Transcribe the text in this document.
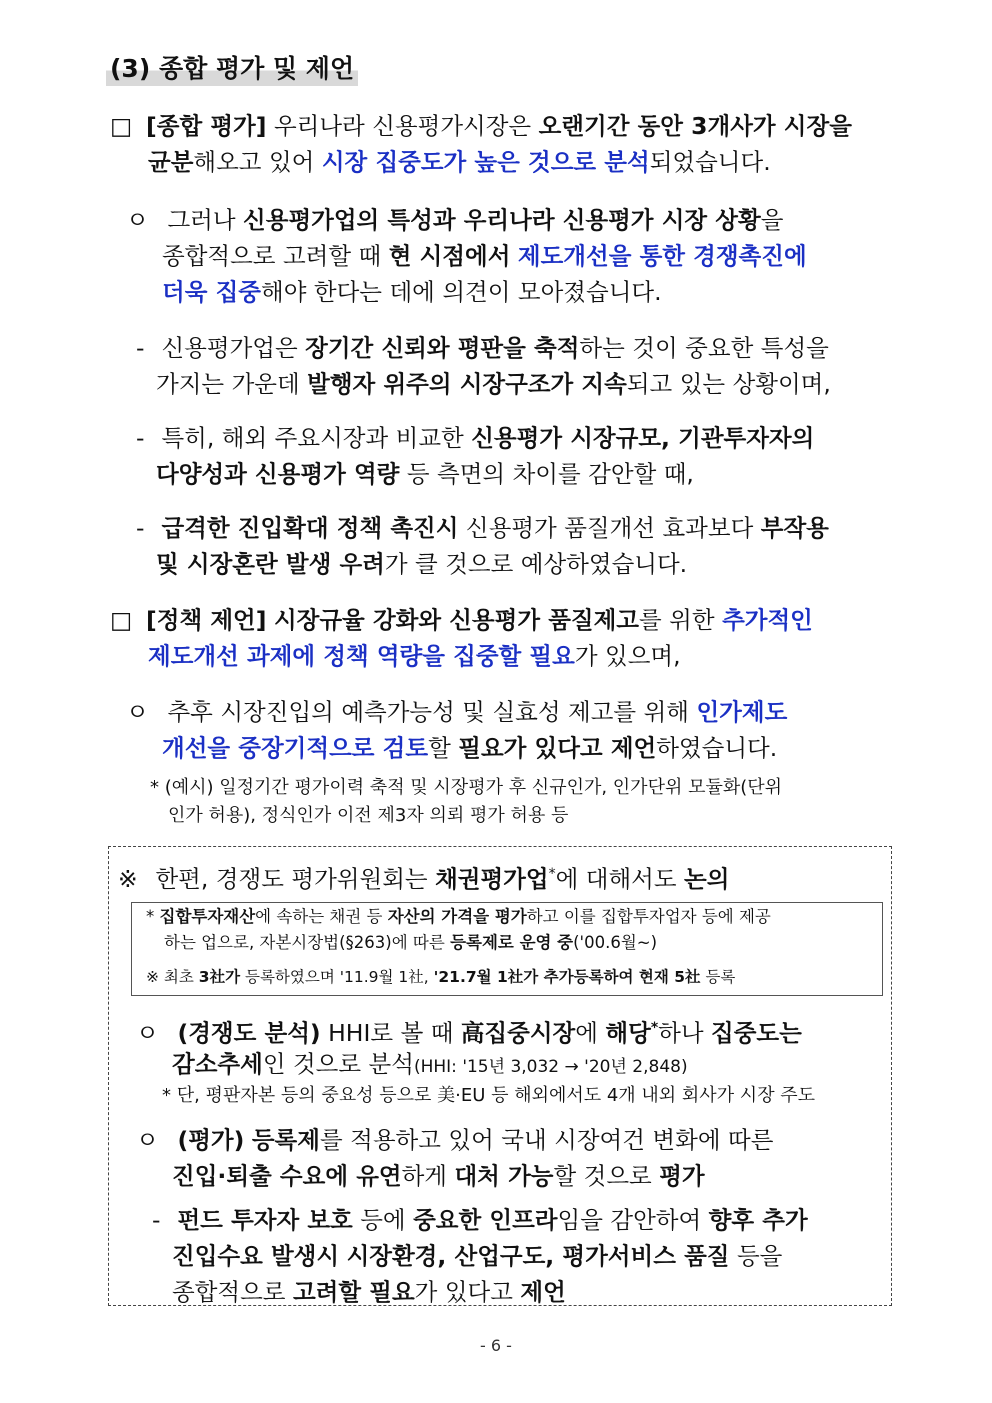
(3) 종합 평가 및 제언
□ [종합 평가] 우리나라 신용평가시장은 오랜기간 동안 3개사가 시장을
균분해오고 있어 시장 집중도가 높은 것으로 분석되었습니다.
ㅇ 그러나 신용평가업의 특성과 우리나라 신용평가 시장 상황을
종합적으로 고려할 때 현 시점에서 제도개선을 통한 경쟁촉진에
더욱 집중해야 한다는 데에 의견이 모아졌습니다.
- 신용평가업은 장기간 신뢰와 평판을 축적하는 것이 중요한 특성을
가지는 가운데 발행자 위주의 시장구조가 지속되고 있는 상황이며,
- 특히, 해외 주요시장과 비교한 신용평가 시장규모, 기관투자자의
다양성과 신용평가 역량 등 측면의 차이를 감안할 때,
- 급격한 진입확대 정책 촉진시 신용평가 품질개선 효과보다 부작용
및 시장혼란 발생 우려가 클 것으로 예상하였습니다.
□ [정책 제언] 시장규율 강화와 신용평가 품질제고를 위한 추가적인
제도개선 과제에 정책 역량을 집중할 필요가 있으며,
ㅇ 추후 시장진입의 예측가능성 및 실효성 제고를 위해 인가제도
개선을 중장기적으로 검토할 필요가 있다고 제언하였습니다.
* (예시) 일정기간 평가이력 축적 및 시장평가 후 신규인가, 인가단위 모듈화(단위
인가 허용), 정식인가 이전 제3자 의뢰 평가 허용 등
※ 한편, 경쟁도 평가위원회는 채권평가업*에 대해서도 논의
* 집합투자재산에 속하는 채권 등 자산의 가격을 평가하고 이를 집합투자업자 등에 제공
하는 업으로, 자본시장법(§263)에 따른 등록제로 운영 중('00.6월~)
※ 최초 3社가 등록하였으며 '11.9월 1社, '21.7월 1社가 추가등록하여 현재 5社 등록
ㅇ (경쟁도 분석) HHI로 볼 때 高집중시장에 해당*하나 집중도는
감소추세인 것으로 분석(HHI: '15년 3,032 → '20년 2,848)
* 단, 평판자본 등의 중요성 등으로 美·EU 등 해외에서도 4개 내외 회사가 시장 주도
ㅇ (평가) 등록제를 적용하고 있어 국내 시장여건 변화에 따른
진입·퇴출 수요에 유연하게 대처 가능할 것으로 평가
- 펀드 투자자 보호 등에 중요한 인프라임을 감안하여 향후 추가
진입수요 발생시 시장환경, 산업구도, 평가서비스 품질 등을
종합적으로 고려할 필요가 있다고 제언
- 6 -
